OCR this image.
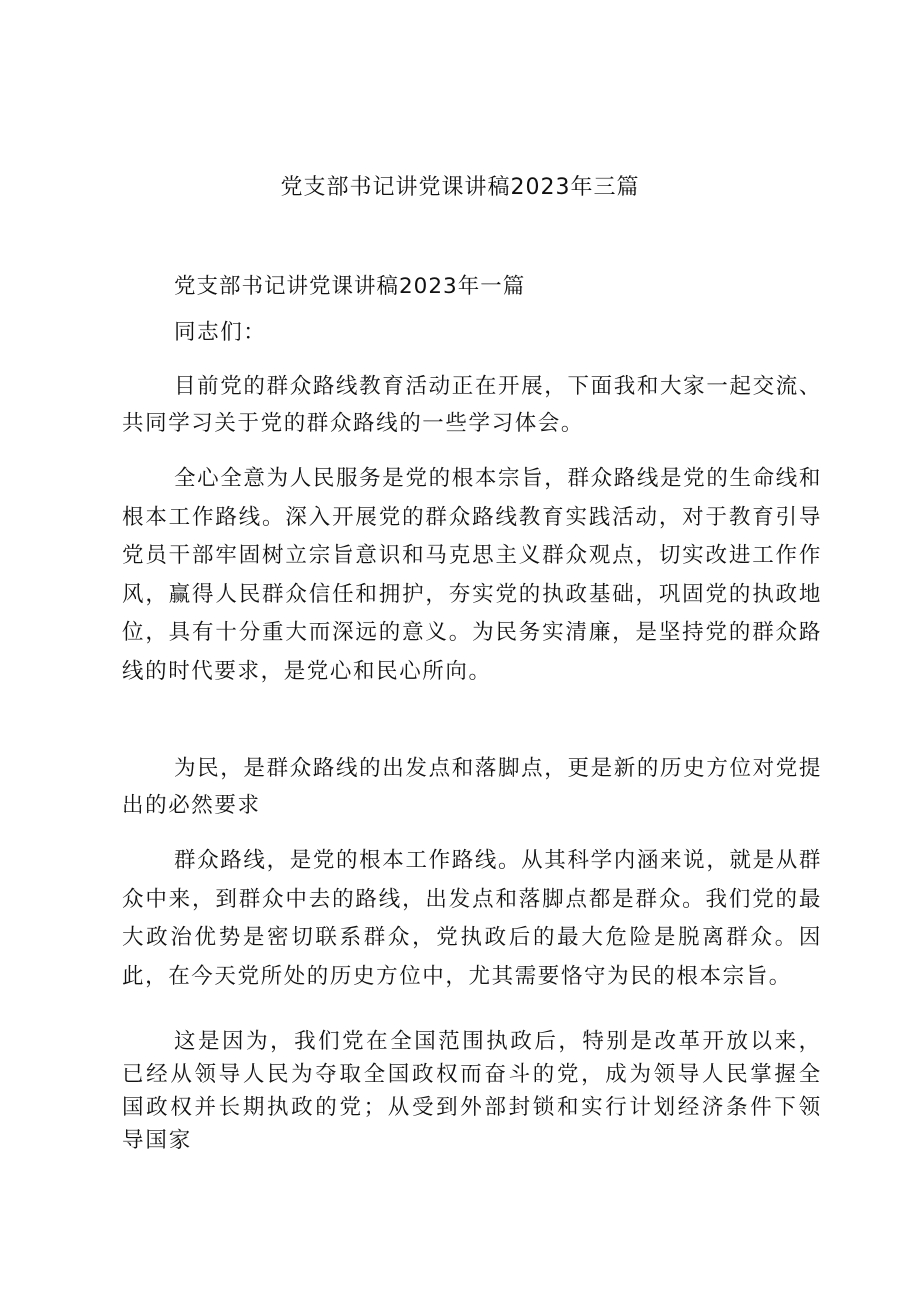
党支部书记讲党课讲稿2023年三篇

党支部书记讲党课讲稿2023年一篇

同志们：

目前党的群众路线教育活动正在开展，下面我和大家一起交流、共同学习关于党的群众路线的一些学习体会。

全心全意为人民服务是党的根本宗旨，群众路线是党的生命线和根本工作路线。深入开展党的群众路线教育实践活动，对于教育引导党员干部牢固树立宗旨意识和马克思主义群众观点，切实改进工作作风，赢得人民群众信任和拥护，夯实党的执政基础，巩固党的执政地位，具有十分重大而深远的意义。为民务实清廉，是坚持党的群众路线的时代要求，是党心和民心所向。

为民，是群众路线的出发点和落脚点，更是新的历史方位对党提出的必然要求

群众路线，是党的根本工作路线。从其科学内涵来说，就是从群众中来，到群众中去的路线，出发点和落脚点都是群众。我们党的最大政治优势是密切联系群众，党执政后的最大危险是脱离群众。因此，在今天党所处的历史方位中，尤其需要恪守为民的根本宗旨。

这是因为，我们党在全国范围执政后，特别是改革开放以来，已经从领导人民为夺取全国政权而奋斗的党，成为领导人民掌握全国政权并长期执政的党；从受到外部封锁和实行计划经济条件下领导国家
